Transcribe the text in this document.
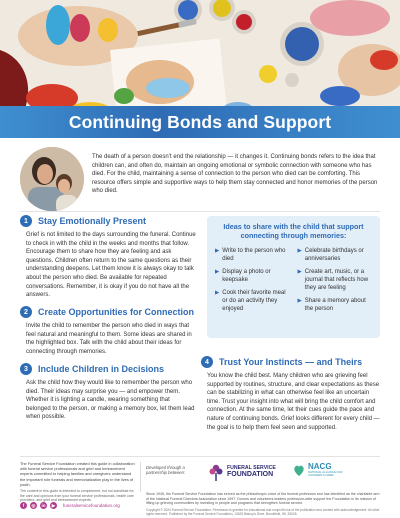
Continuing Bonds and Support

The death of a person doesn’t end the relationship — it changes it. Continuing bonds refers to the idea that children can, and often do, maintain an ongoing emotional or symbolic connection with someone who has died. For the child, maintaining a sense of connection to the person who died can be comforting. This resource offers simple and supportive ways to help them stay connected and honor memories of the person who died.

1	Stay Emotionally Present

Grief is not limited to the days surrounding the funeral. Continue to check in with the child in the weeks and months that follow. Encourage them to share how they are feeling and ask questions. Children often return to the same questions as their understanding deepens. Let them know it is always okay to talk about the person who died. Be available for repeated conversations. Remember, it is okay if you do not have all the answers.

2	Create Opportunities for Connection

Invite the child to remember the person who died in ways that feel natural and meaningful to them. Some ideas are shared in the highlighted box. Talk with the child about their ideas for connecting through memories.

3	Include Children in Decisions

Ask the child how they would like to remember the person who died. Their ideas may surprise you — and empower them. Whether it is lighting a candle, wearing something that belonged to the person, or making a memory box, let them lead when possible.

Ideas to share with the child that support connecting through memories:
▶ Write to the person who died
▶ Display a photo or keepsake
▶ Cook their favorite meal or do an activity they enjoyed
▶ Celebrate birthdays or anniversaries
▶ Create art, music, or a journal that reflects how they are feeling
▶ Share a memory about the person
4	Trust Your Instincts — and Theirs

You know the child best. Many children who are grieving feel supported by routines, structure, and clear expectations as these can be stabilizing in what can otherwise feel like an uncertain time. Trust your insight into what will bring the child comfort and connection. At the same time, let their cues guide the pace and nature of continuing bonds. Grief looks different for every child — the goal is to help them feel seen and supported.

The Funeral Service Foundation created this guide in collaboration with funeral service professionals and grief and bereavement experts committed to helping families and caregivers understand the important role funerals and memorialization play in the lives of youth.

The content in this guide is intended to complement, but not substitute for, the care and opinions from your funeral service professionals, health care providers, and grief and bereavement experts.

f	◎	in	▶	funeralservicefoundation.org
Developed through a partnership between:
FUNERAL SERVICE
FOUNDATION
NACG
NATIONAL ALLIANCE FOR CHILDREN'S GRIEF

Since 1945, the Funeral Service Foundation has served as the philanthropic voice of the funeral profession and has identified as the charitable arm of the National Funeral Directors Association since 1997. Donors and volunteers leaders profession-wide support the Foundation in its mission of lifting up grieving communities by investing in people and programs that strengthen funeral service.

Copyright © 2024 Funeral Service Foundation. Permission is granted for educational and nonprofit use of the publication and content with acknowledgement. All other rights reserved. Published by the Funeral Service Foundation, 13625 Bishop's Drive, Brookfield, WI, 53005.
